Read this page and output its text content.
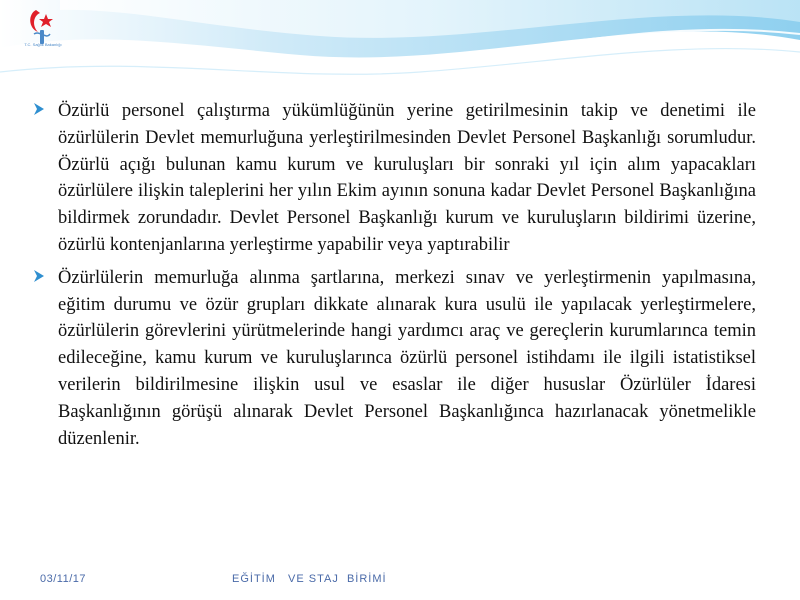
T.C. Sağlık Bakanlığı
Özürlü personel çalıştırma yükümlüğünün yerine getirilmesinin takip ve denetimi ile özürlülerin Devlet memurluğuna yerleştirilmesinden Devlet Personel Başkanlığı sorumludur. Özürlü açığı bulunan kamu kurum ve kuruluşları bir sonraki yıl için alım yapacakları özürlülere ilişkin taleplerini her yılın Ekim ayının sonuna kadar Devlet Personel Başkanlığına bildirmek zorundadır. Devlet Personel Başkanlığı kurum ve kuruluşların bildirimi üzerine, özürlü kontenjanlarına yerleştirme yapabilir veya yaptırabilir
Özürlülerin memurluğa alınma şartlarına, merkezi sınav ve yerleştirmenin yapılmasına, eğitim durumu ve özür grupları dikkate alınarak kura usulü ile yapılacak yerleştirmelere, özürlülerin görevlerini yürütmelerinde hangi yardımcı araç ve gereçlerin kurumlarınca temin edileceğine, kamu kurum ve kuruluşlarınca özürlü personel istihdamı ile ilgili istatistiksel verilerin bildirilmesine ilişkin usul ve esaslar ile diğer hususlar Özürlüler İdaresi Başkanlığının görüşü alınarak Devlet Personel Başkanlığınca hazırlanacak yönetmelikle düzenlenir.
03/11/17	EĞİTİM   VE STAJ  BİRİMİ
